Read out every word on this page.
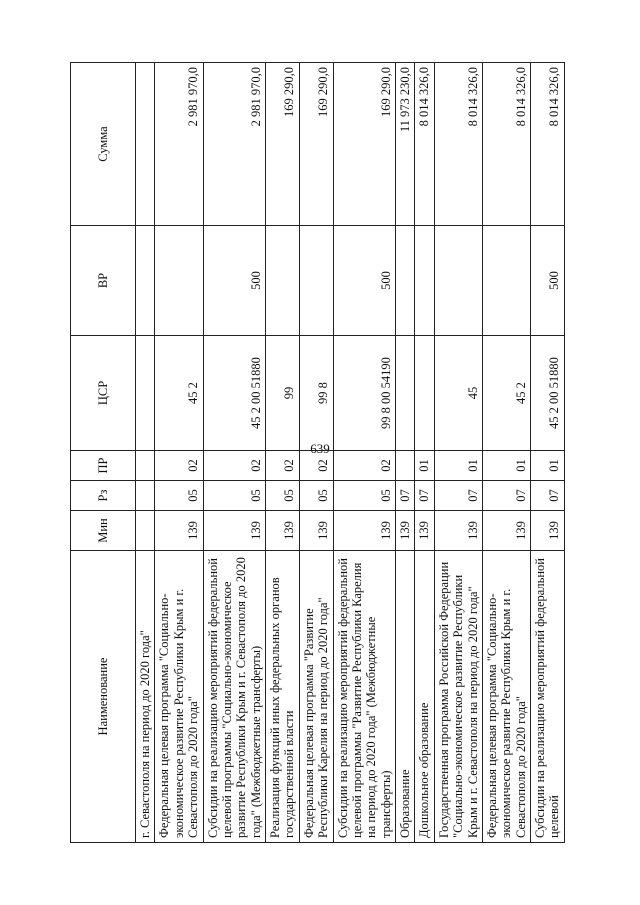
639
Наименование	Мин	Рз	ПР	ЦСР	ВР	Сумма
г. Севастополя на период до 2020 года"						
Федеральная целевая программа "Социально-экономическое развитие Республики Крым и г. Севастополя до 2020 года"	139	05	02	45 2		2 981 970,0
Субсидии на реализацию мероприятий федеральной целевой программы "Социально-экономическое развитие Республики Крым и г. Севастополя до 2020 года" (Межбюджетные трансферты)	139	05	02	45 2 00 51880	500	2 981 970,0
Реализация функций иных федеральных органов государственной власти	139	05	02	99		169 290,0
Федеральная целевая программа "Развитие Республики Карелия на период до 2020 года"	139	05	02	99 8		169 290,0
Субсидии на реализацию мероприятий федеральной целевой программы "Развитие Республики Карелия на период до 2020 года" (Межбюджетные трансферты)	139	05	02	99 8 00 54190	500	169 290,0
Образование	139	07				11 973 230,0
Дошкольное образование	139	07	01			8 014 326,0
Государственная программа Российской Федерации "Социально-экономическое развитие Республики Крым и г. Севастополя на период до 2020 года"	139	07	01	45		8 014 326,0
Федеральная целевая программа "Социально-экономическое развитие Республики Крым и г. Севастополя до 2020 года"	139	07	01	45 2		8 014 326,0
Субсидии на реализацию мероприятий федеральной целевой	139	07	01	45 2 00 51880	500	8 014 326,0
